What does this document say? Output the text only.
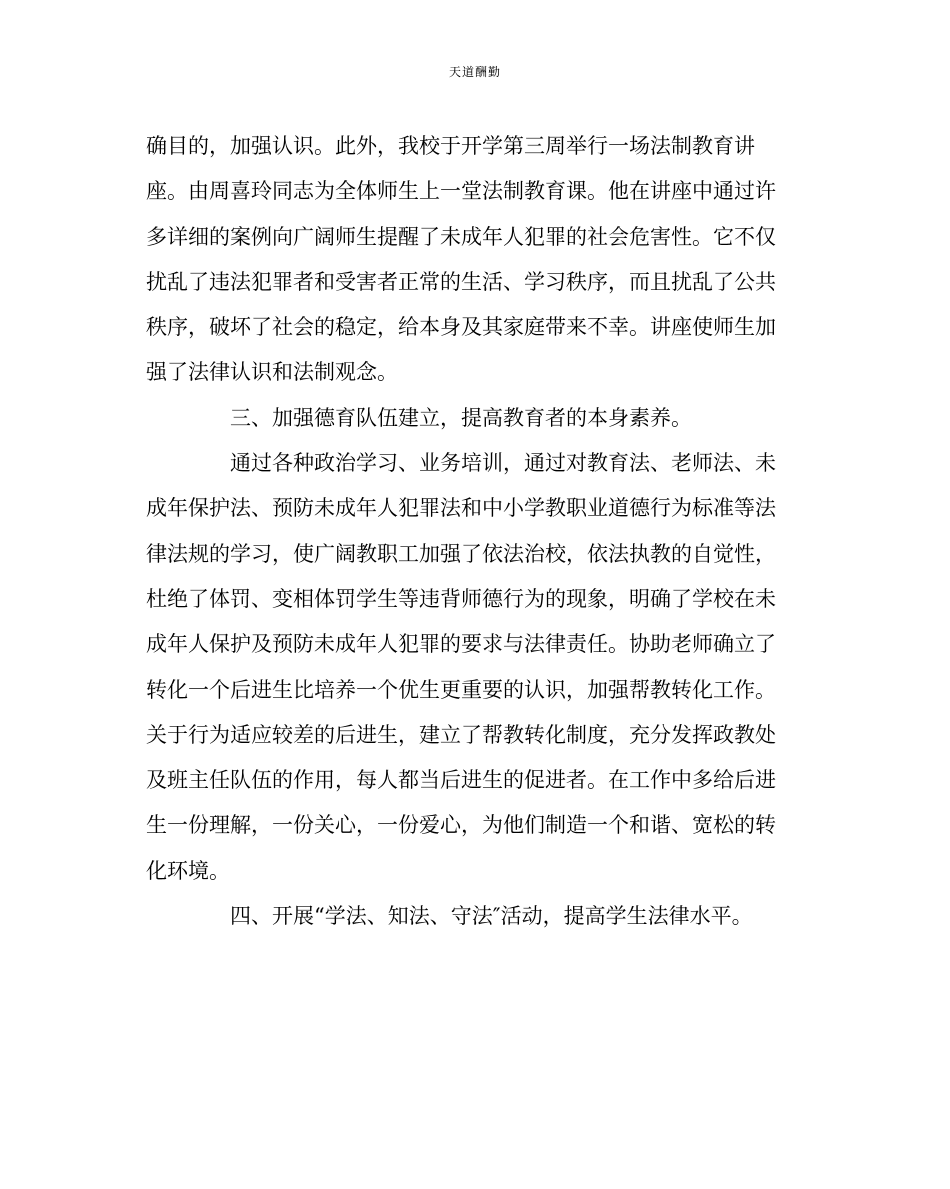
天道酬勤
确目的，加强认识。此外，我校于开学第三周举行一场法制教育讲
座。由周喜玲同志为全体师生上一堂法制教育课。他在讲座中通过许
多详细的案例向广阔师生提醒了未成年人犯罪的社会危害性。它不仅
扰乱了违法犯罪者和受害者正常的生活、学习秩序，而且扰乱了公共
秩序，破坏了社会的稳定，给本身及其家庭带来不幸。讲座使师生加
强了法律认识和法制观念。
三、加强德育队伍建立，提高教育者的本身素养。
通过各种政治学习、业务培训，通过对教育法、老师法、未
成年保护法、预防未成年人犯罪法和中小学教职业道德行为标准等法
律法规的学习，使广阔教职工加强了依法治校，依法执教的自觉性，
杜绝了体罚、变相体罚学生等违背师德行为的现象，明确了学校在未
成年人保护及预防未成年人犯罪的要求与法律责任。协助老师确立了
转化一个后进生比培养一个优生更重要的认识，加强帮教转化工作。
关于行为适应较差的后进生，建立了帮教转化制度，充分发挥政教处
及班主任队伍的作用，每人都当后进生的促进者。在工作中多给后进
生一份理解，一份关心，一份爱心，为他们制造一个和谐、宽松的转
化环境。
四、开展“学法、知法、守法″活动，提高学生法律水平。
